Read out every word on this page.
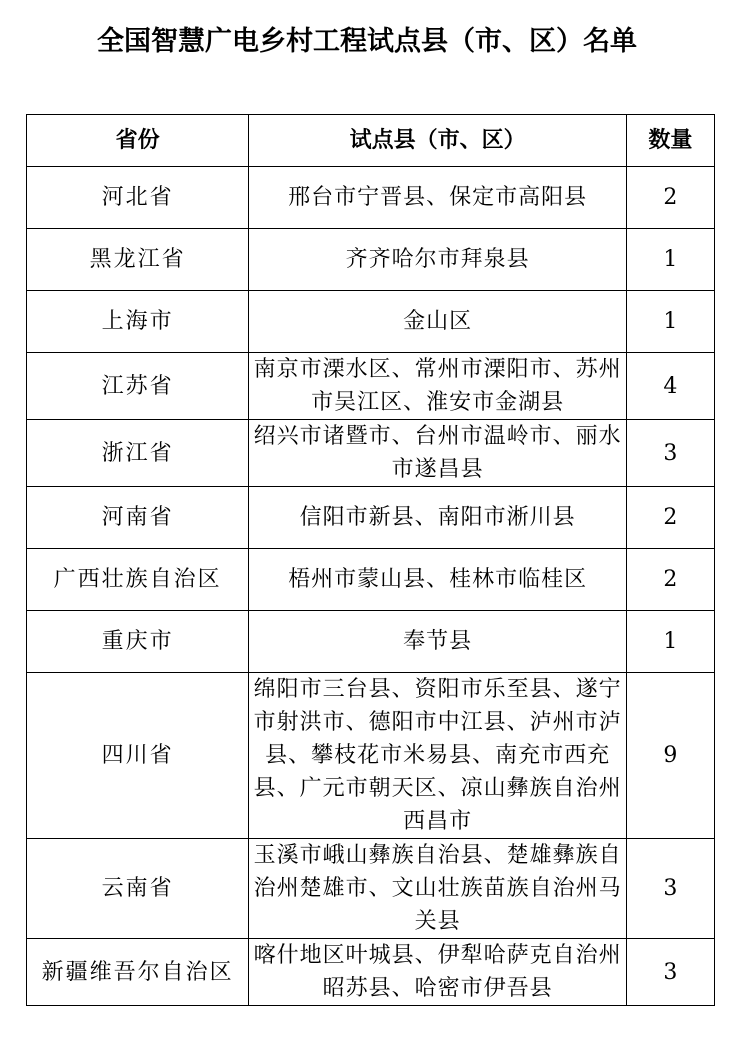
全国智慧广电乡村工程试点县（市、区）名单
省份	试点县（市、区）	数量
河北省	邢台市宁晋县、保定市高阳县	2
黑龙江省	齐齐哈尔市拜泉县	1
上海市	金山区	1
江苏省	南京市溧水区、常州市溧阳市、苏州市吴江区、淮安市金湖县	4
浙江省	绍兴市诸暨市、台州市温岭市、丽水市遂昌县	3
河南省	信阳市新县、南阳市淅川县	2
广西壮族自治区	梧州市蒙山县、桂林市临桂区	2
重庆市	奉节县	1
四川省	绵阳市三台县、资阳市乐至县、遂宁市射洪市、德阳市中江县、泸州市泸县、攀枝花市米易县、南充市西充县、广元市朝天区、凉山彝族自治州西昌市	9
云南省	玉溪市峨山彝族自治县、楚雄彝族自治州楚雄市、文山壮族苗族自治州马关县	3
新疆维吾尔自治区	喀什地区叶城县、伊犁哈萨克自治州昭苏县、哈密市伊吾县	3
